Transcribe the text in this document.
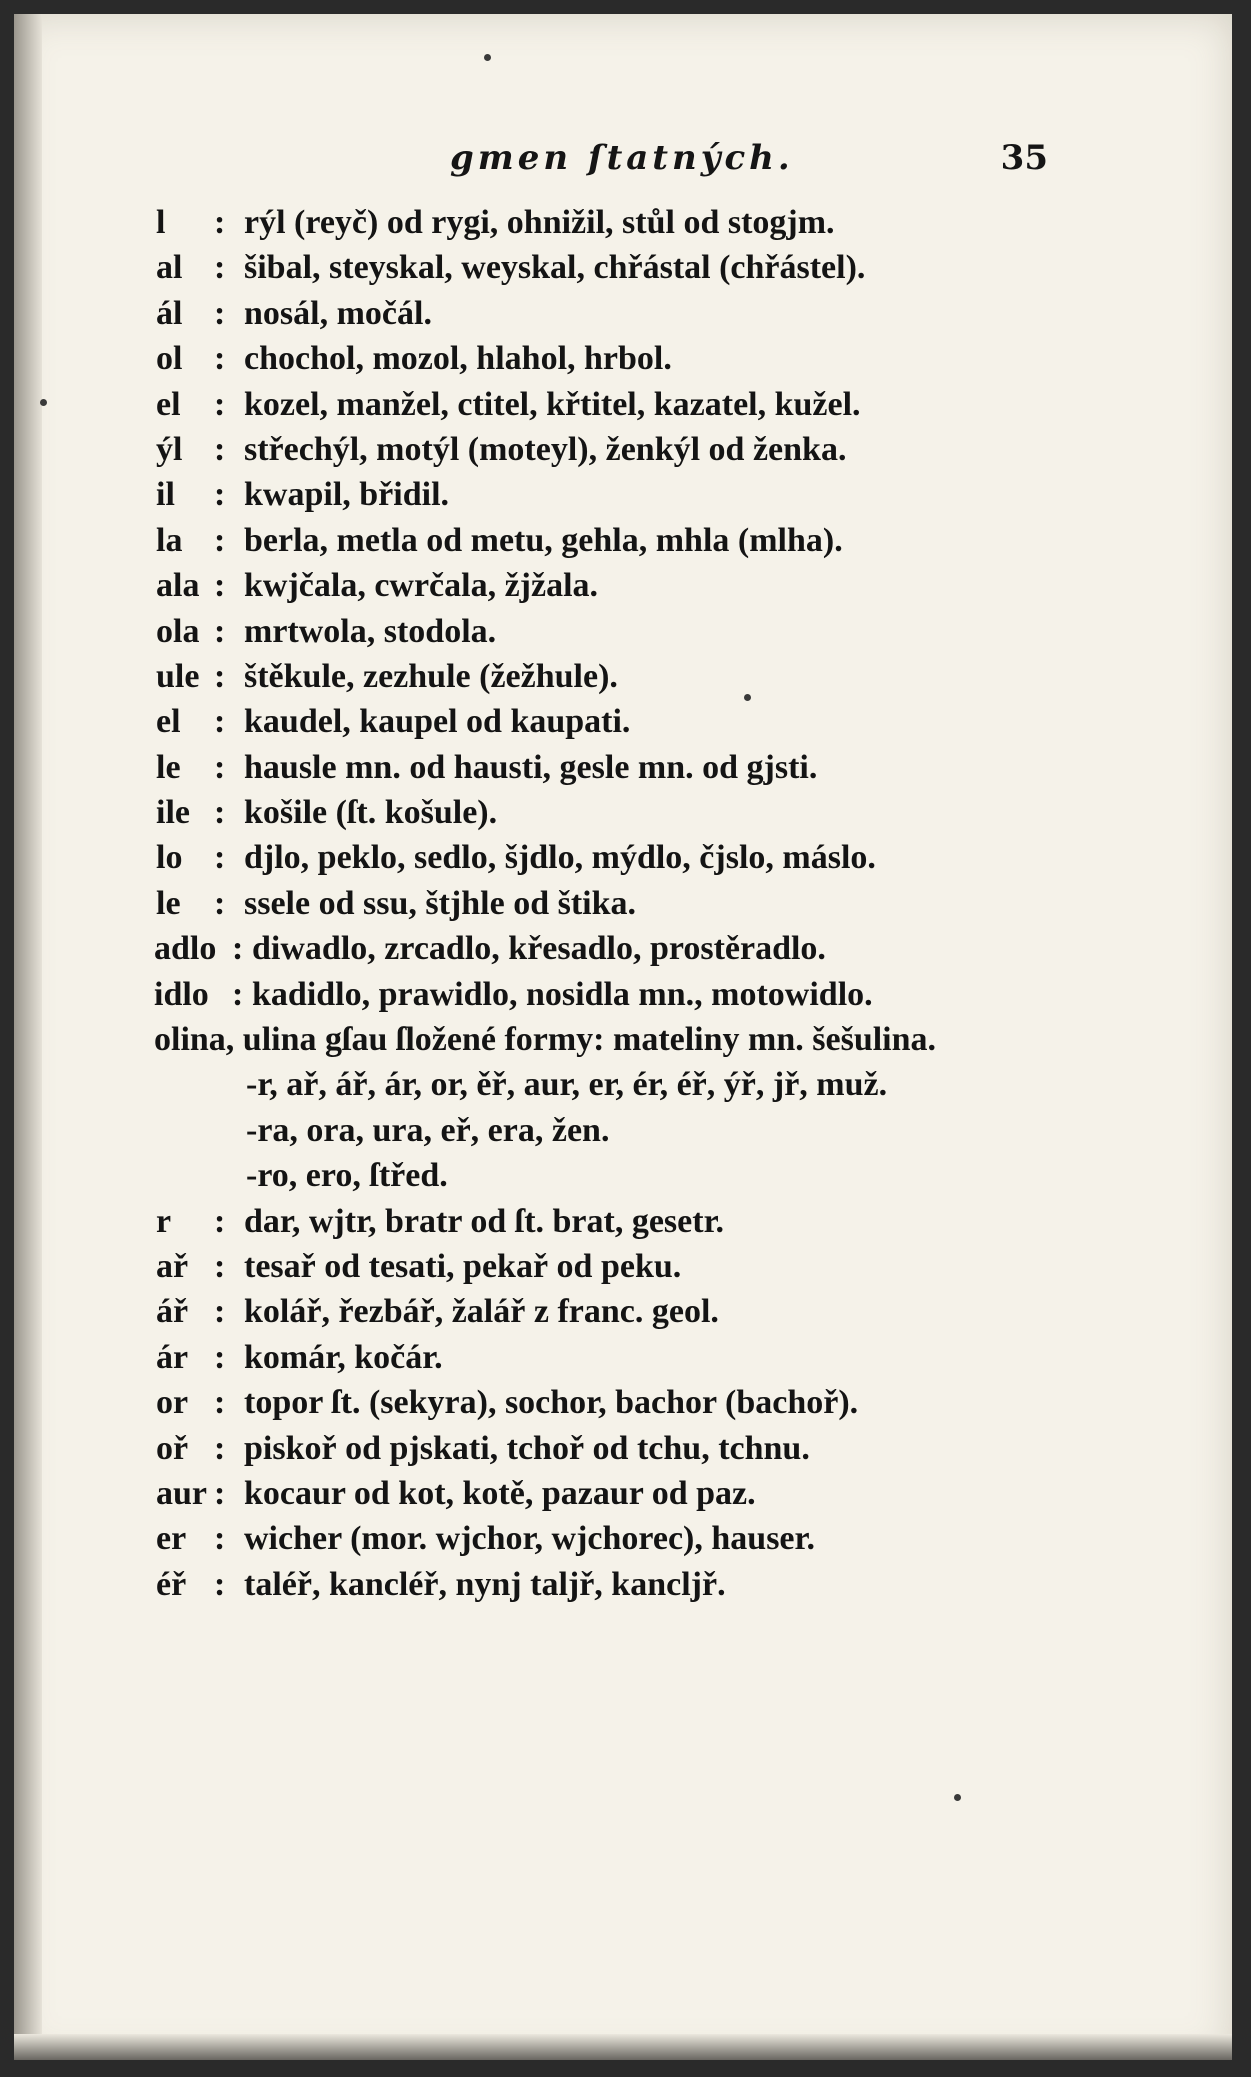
gmen ſtatných.	35
l : rýl (reyč) od rygi, ohnižil, stůl od stogjm.
al : šibal, steyskal, weyskal, chřástal (chřástel).
ál : nosál, močál.
ol : chochol, mozol, hlahol, hrbol.
el : kozel, manžel, ctitel, křtitel, kazatel, kužel.
ýl : střechýl, motýl (moteyl), ženkýl od ženka.
il : kwapil, břidil.
la : berla, metla od metu, gehla, mhla (mlha).
ala : kwjčala, cwrčala, žjžala.
ola : mrtwola, stodola.
ule : štěkule, zezhule (žežhule).
el : kaudel, kaupel od kaupati.
le : hausle mn. od hausti, gesle mn. od gjsti.
ile : košile (ſt. košule).
lo : djlo, peklo, sedlo, šjdlo, mýdlo, čjslo, máslo.
le : ssele od ssu, štjhle od štika.
adlo : diwadlo, zrcadlo, křesadlo, prostěradlo.
idlo : kadidlo, prawidlo, nosidla mn., motowidlo.
olina, ulina gſau ſložené formy: mateliny mn. šešulina.
-r, ař, ář, ár, or, ěř, aur, er, ér, éř, ýř, jř, muž.
-ra, ora, ura, eř, era, žen.
-ro, ero, ſtřed.
r : dar, wjtr, bratr od ſt. brat, gesetr.
ař : tesař od tesati, pekař od peku.
ář : kolář, řezbář, žalář z franc. geol.
ár : komár, kočár.
or : topor ſt. (sekyra), sochor, bachor (bachoř).
oř : piskoř od pjskati, tchoř od tchu, tchnu.
aur : kocaur od kot, kotě, pazaur od paz.
er : wicher (mor. wjchor, wjchorec), hauser.
éř : taléř, kancléř, nynj taljř, kancljř.
